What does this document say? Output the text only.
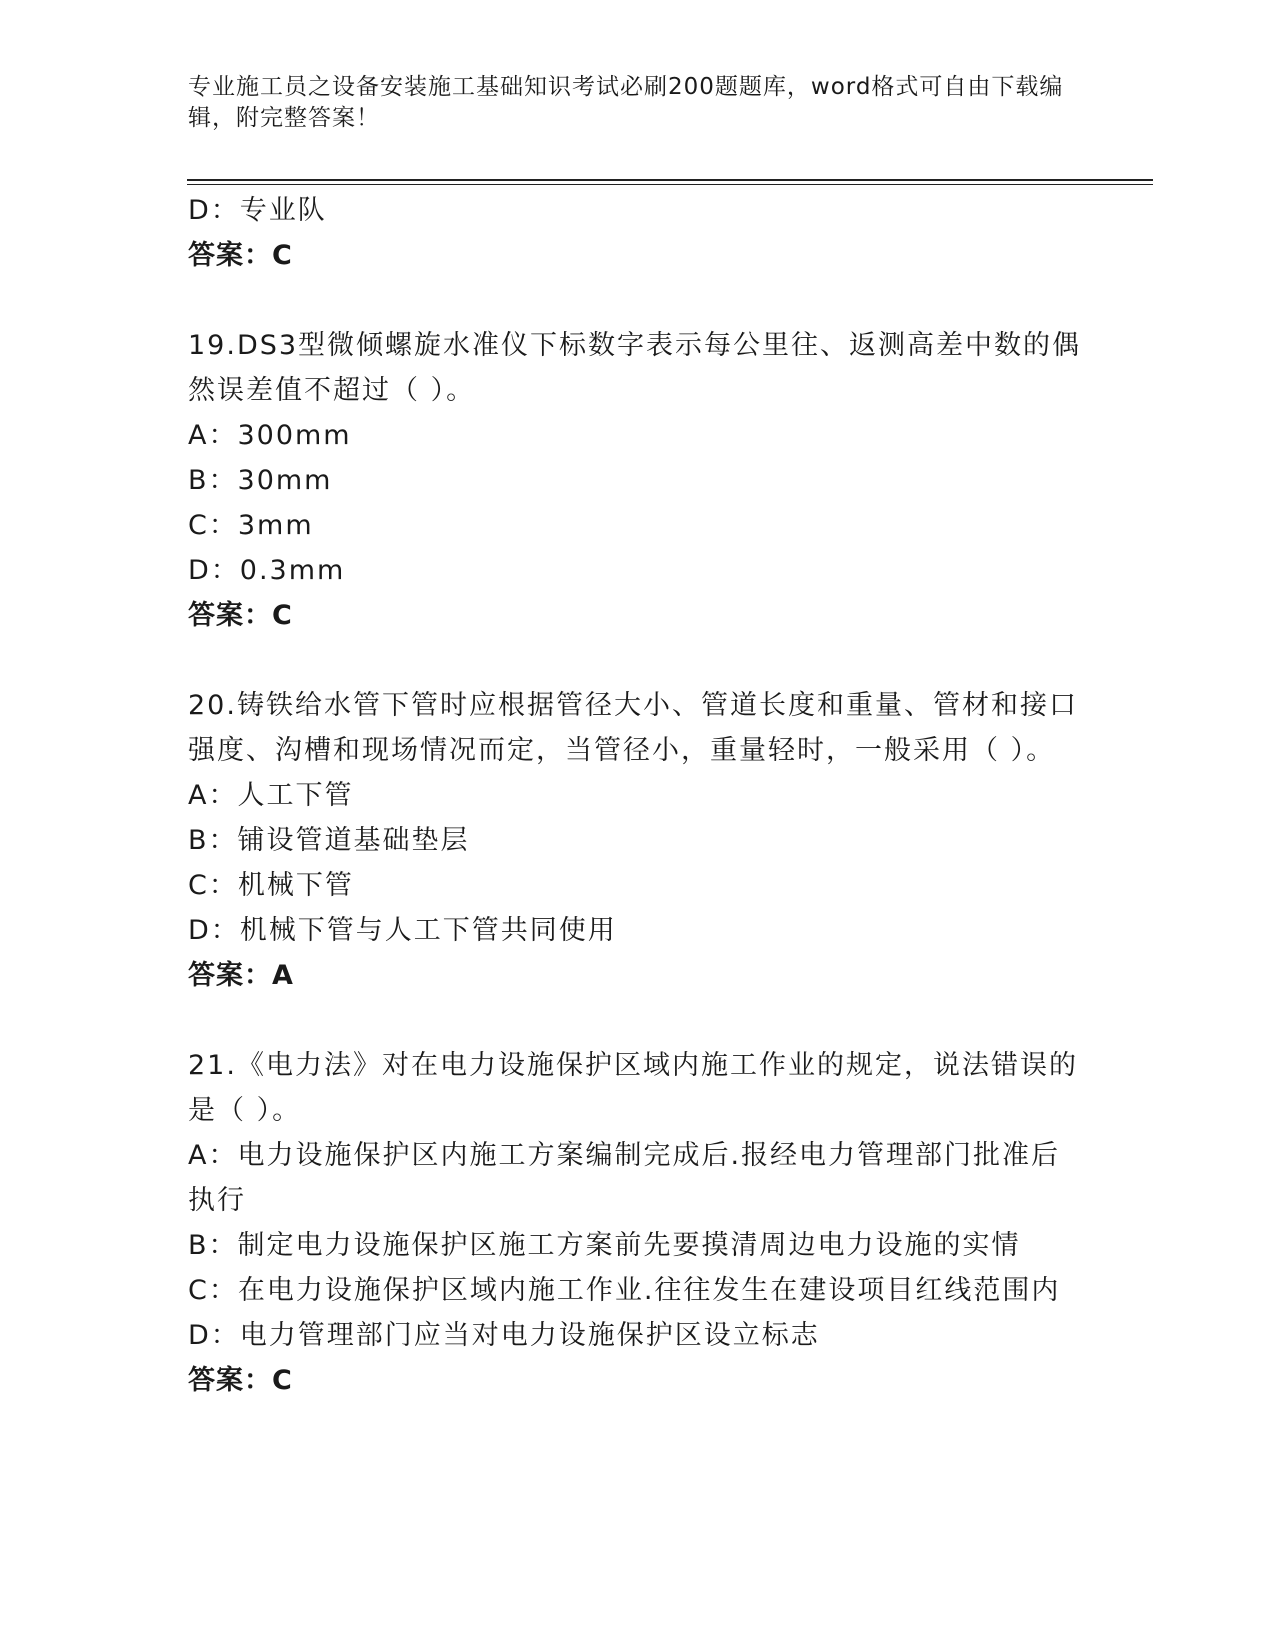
专业施工员之设备安装施工基础知识考试必刷200题题库，word格式可自由下载编辑，附完整答案！
D：专业队
答案：C
19.DS3型微倾螺旋水准仪下标数字表示每公里往、返测高差中数的偶然误差值不超过（ ）。
A：300mm
B：30mm
C：3mm
D：0.3mm
答案：C
20.铸铁给水管下管时应根据管径大小、管道长度和重量、管材和接口强度、沟槽和现场情况而定，当管径小，重量轻时，一般采用（ ）。
A：人工下管
B：铺设管道基础垫层
C：机械下管
D：机械下管与人工下管共同使用
答案：A
21.《电力法》对在电力设施保护区域内施工作业的规定，说法错误的是（ ）。
A：电力设施保护区内施工方案编制完成后.报经电力管理部门批准后执行
B：制定电力设施保护区施工方案前先要摸清周边电力设施的实情
C：在电力设施保护区域内施工作业.往往发生在建设项目红线范围内
D：电力管理部门应当对电力设施保护区设立标志
答案：C
